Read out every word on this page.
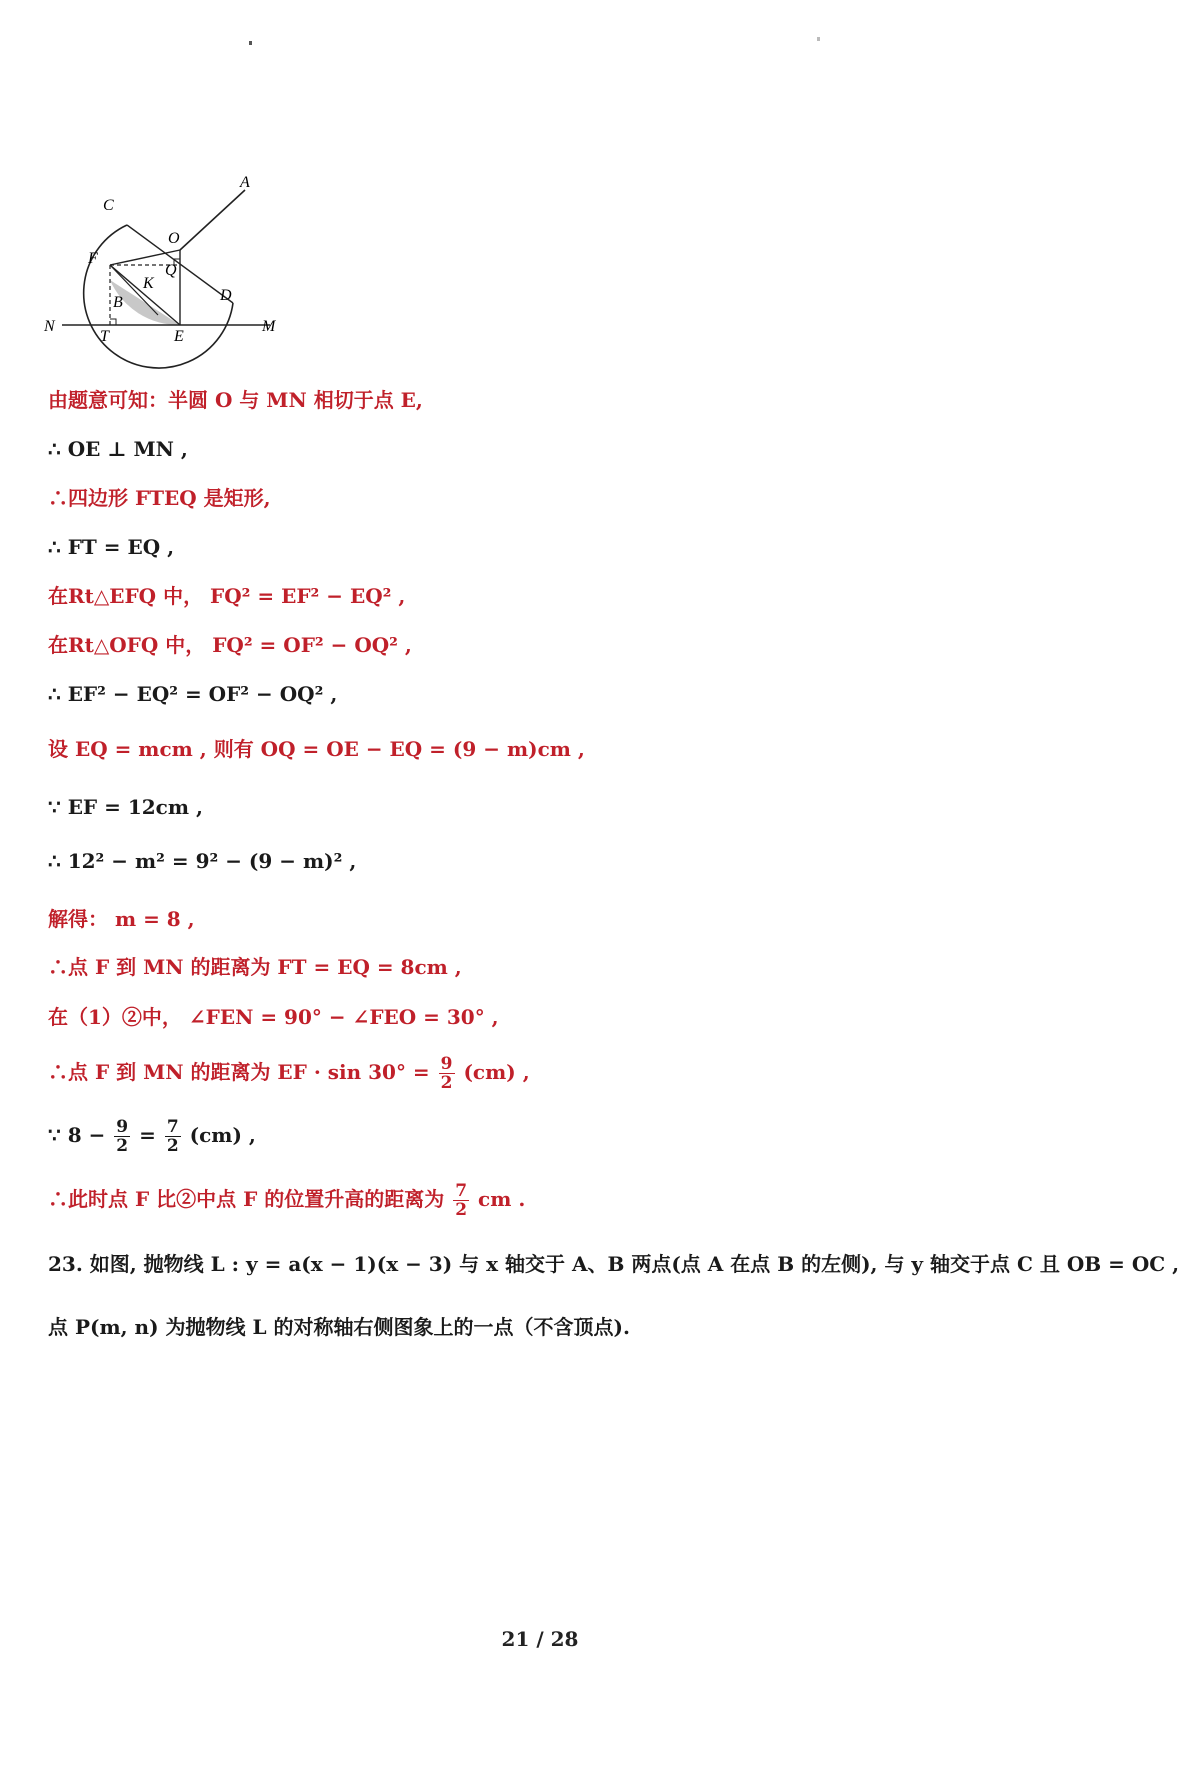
A
C
O
F
Q
K
D
B
N
T	E
M
由题意可知：半圆 O 与 MN 相切于点 E,
∴ OE ⊥ MN ,
∴四边形 FTEQ 是矩形,
∴ FT = EQ ,
在Rt△EFQ 中， FQ² = EF² − EQ² ,
在Rt△OFQ 中， FQ² = OF² − OQ² ,
∴ EF² − EQ² = OF² − OQ² ,
设 EQ = mcm , 则有 OQ = OE − EQ = (9 − m)cm ,
∵ EF = 12cm ,
∴ 12² − m² = 9² − (9 − m)² ,
解得： m = 8 ,
∴点 F 到 MN 的距离为 FT = EQ = 8cm ,
在（1）②中， ∠FEN = 90° − ∠FEO = 30° ,
∴点 F 到 MN 的距离为 EF · $\sin 30^\circ = \frac{9}{2} (cm)$ ,
∵ $8 - \frac{9}{2} = \frac{7}{2} (cm)$ ,
∴此时点 F 比②中点 F 的位置升高的距离为 $\frac{7}{2}$ cm .
23. 如图, 抛物线 L : y = a(x − 1)(x − 3) 与 x 轴交于 A、B 两点(点 A 在点 B 的左侧), 与 y 轴交于点 C 且 OB = OC ,
点 P(m, n) 为抛物线 L 的对称轴右侧图象上的一点（不含顶点).
21 / 28
